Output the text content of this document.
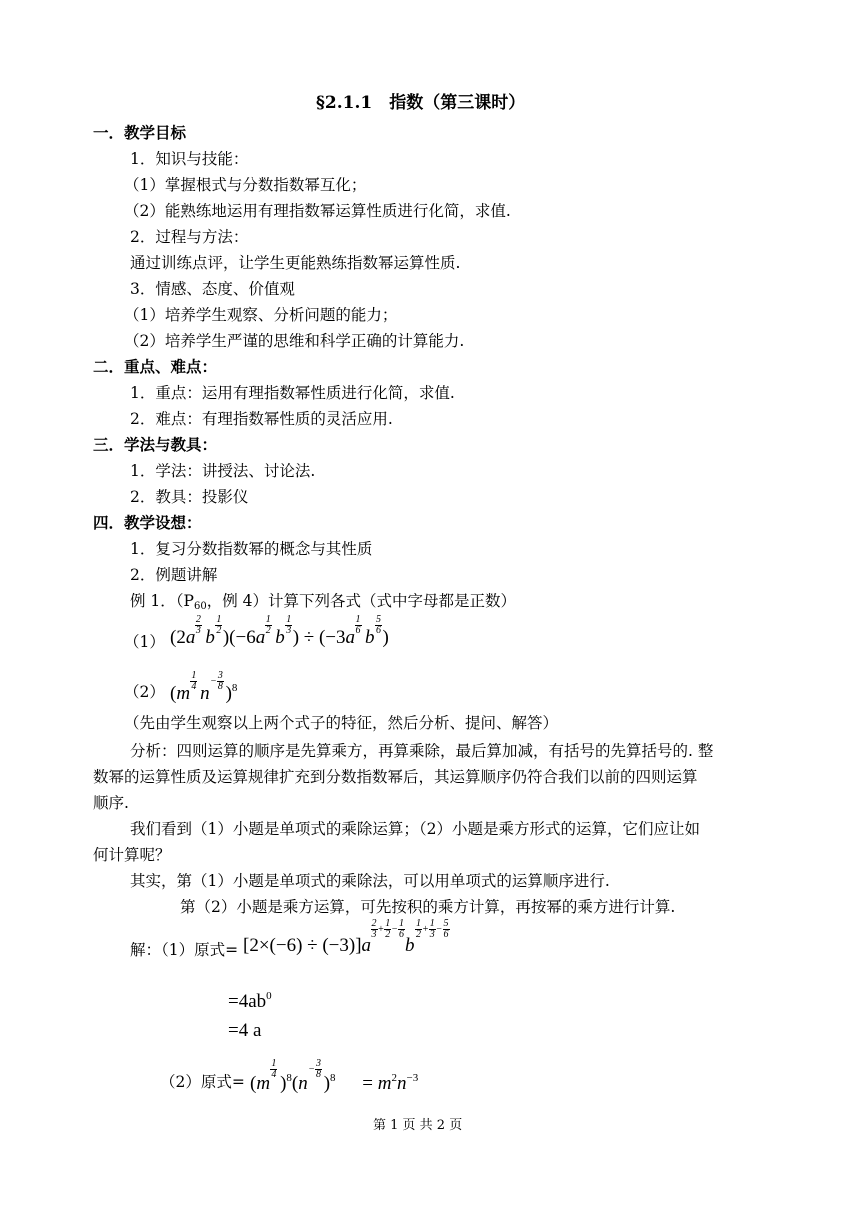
§2.1.1　指数（第三课时）
一．教学目标
1．知识与技能：
（1）掌握根式与分数指数幂互化；
（2）能熟练地运用有理指数幂运算性质进行化简，求值.
2．过程与方法：
通过训练点评，让学生更能熟练指数幂运算性质.
3．情感、态度、价值观
（1）培养学生观察、分析问题的能力；
（2）培养学生严谨的思维和科学正确的计算能力.
二．重点、难点：
1．重点：运用有理指数幂性质进行化简，求值.
2．难点：有理指数幂性质的灵活应用.
三．学法与教具：
1．学法：讲授法、讨论法.
2．教具：投影仪
四．教学设想：
1．复习分数指数幂的概念与其性质
2．例题讲解
例 1．（P60，例 4）计算下列各式（式中字母都是正数）
（1） (2a
$\frac{2}{3}$
b
$\frac{1}{2}$
)(−6a
$\frac{1}{2}$
b
$\frac{1}{3}$
) ÷ (−3a
$\frac{1}{6}$
b
$\frac{5}{6}$
)
（2） (m
$\frac{1}{4}$
n
− $\frac{3}{8}$
)$^8$
（先由学生观察以上两个式子的特征，然后分析、提问、解答）
分析：四则运算的顺序是先算乘方，再算乘除，最后算加减，有括号的先算括号的. 整
数幂的运算性质及运算规律扩充到分数指数幂后，其运算顺序仍符合我们以前的四则运算
顺序.
我们看到（1）小题是单项式的乘除运算；（2）小题是乘方形式的运算，它们应让如
何计算呢？
其实，第（1）小题是单项式的乘除法，可以用单项式的运算顺序进行.
第（2）小题是乘方运算，可先按积的乘方计算，再按幂的乘方进行计算.
解：（1）原式= [2×(−6) ÷ (−3)]a
$\frac{2}{3} + \frac{1}{2} - \frac{1}{6}$
b
$\frac{1}{2} + \frac{1}{3} - \frac{5}{6}$
$=4ab^0$
=4 a
（2）原式= (m
$\frac{1}{4}$
)$^8$(n
− $\frac{3}{8}$
)$^8 = m^2n^{-3}$
第 1 页 共 2 页
